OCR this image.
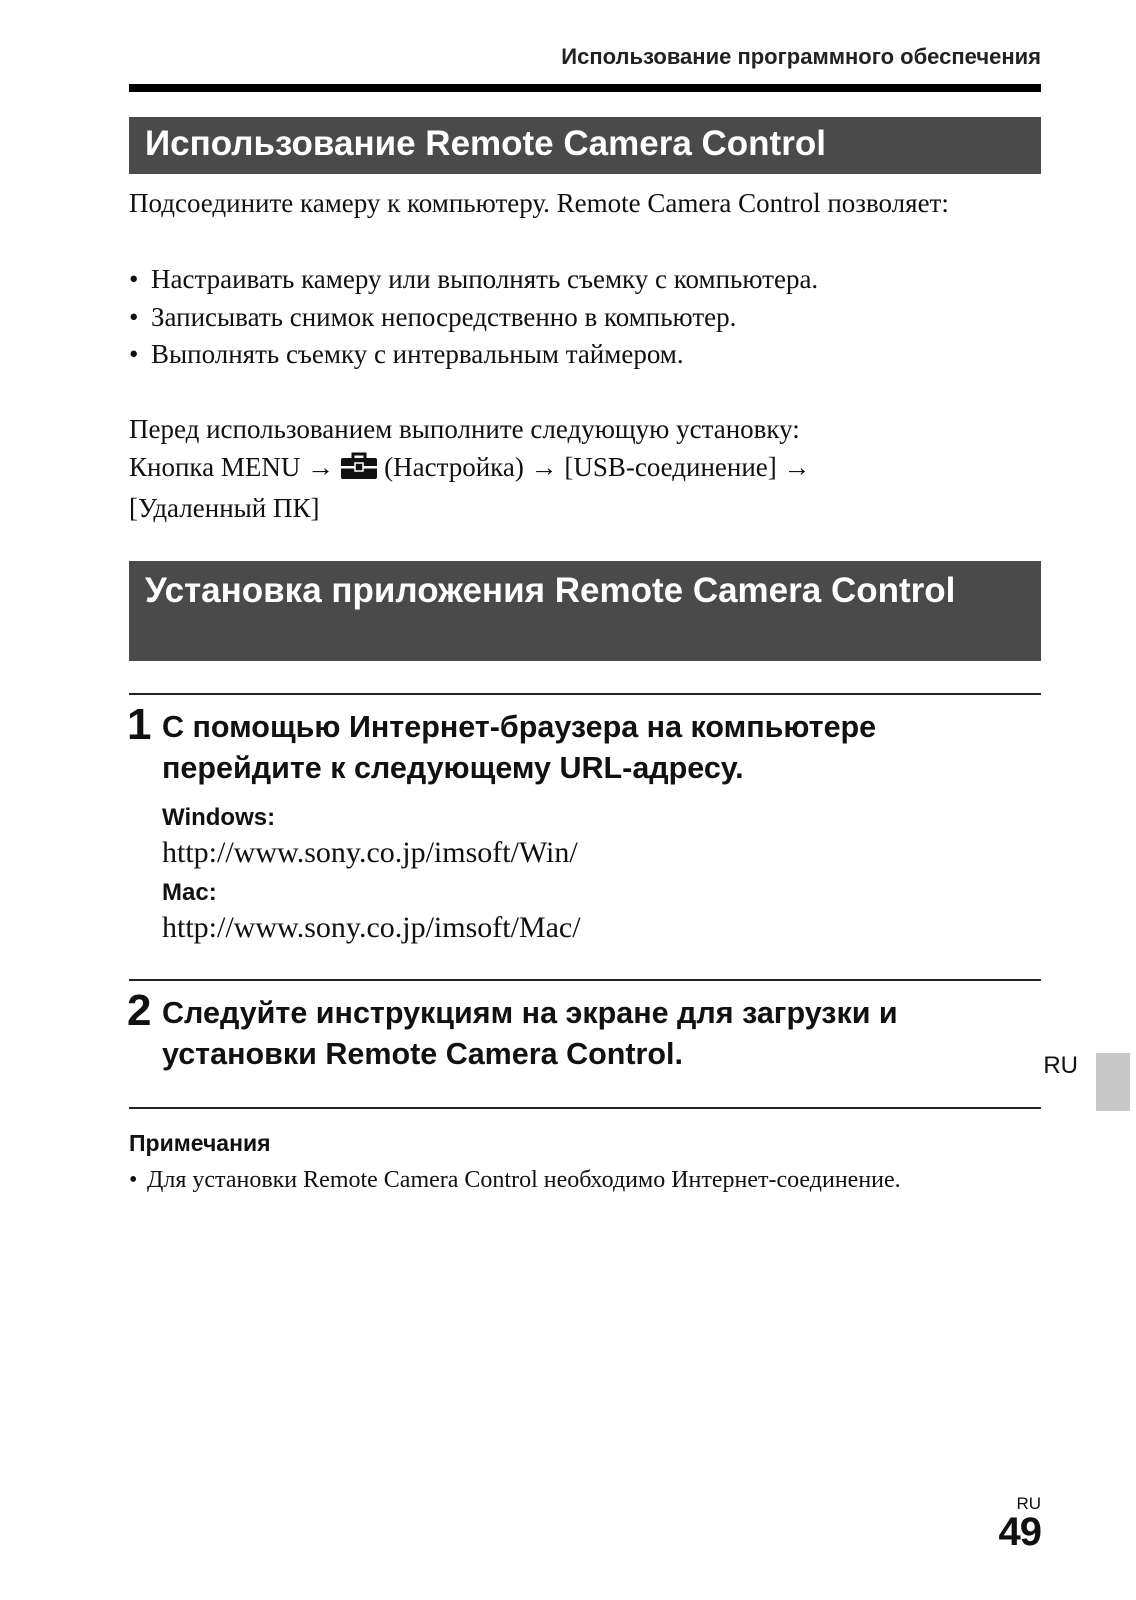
Использование программного обеспечения
Использование Remote Camera Control
Подсоедините камеру к компьютеру. Remote Camera Control позволяет:
• Настраивать камеру или выполнять съемку с компьютера.
• Записывать снимок непосредственно в компьютер.
• Выполнять съемку с интервальным таймером.
Перед использованием выполните следующую установку:
Кнопка MENU → (Настройка) → [USB-соединение] →
[Удаленный ПК]
Установка приложения Remote Camera Control
1 С помощью Интернет-браузера на компьютере перейдите к следующему URL-адресу.
Windows:
http://www.sony.co.jp/imsoft/Win/
Mac:
http://www.sony.co.jp/imsoft/Mac/
2 Следуйте инструкциям на экране для загрузки и установки Remote Camera Control.	RU
Примечания
• Для установки Remote Camera Control необходимо Интернет-соединение.
RU
49
